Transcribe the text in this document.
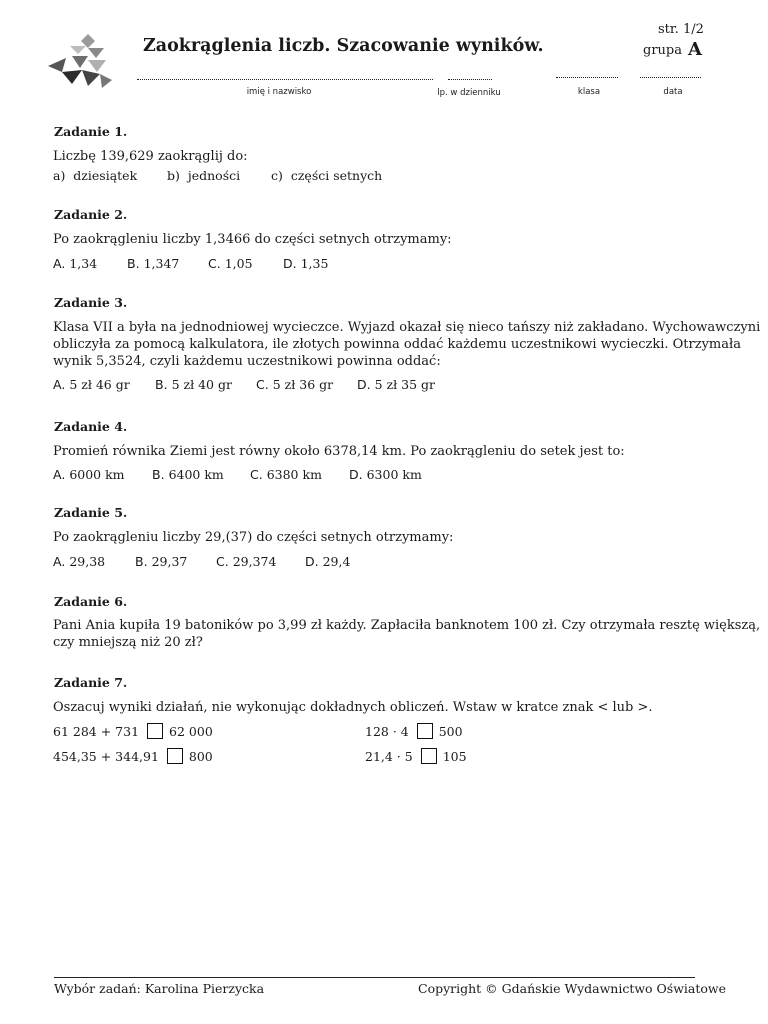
Zaokrąglenia liczb. Szacowanie wyników.
str. 1/2
grupa A
imię i nazwisko	lp. w dzienniku	klasa	data
Zadanie 1.
Liczbę 139,629 zaokrąglij do:
a) dziesiątek b) jedności c) części setnych
Zadanie 2.
Po zaokrągleniu liczby 1,3466 do części setnych otrzymamy:
A. 1,34 B. 1,347 C. 1,05 D. 1,35
Zadanie 3.
Klasa VII a była na jednodniowej wycieczce. Wyjazd okazał się nieco tańszy niż zakładano. Wychowawczyni
obliczyła za pomocą kalkulatora, ile złotych powinna oddać każdemu uczestnikowi wycieczki. Otrzymała
wynik 5,3524, czyli każdemu uczestnikowi powinna oddać:
A. 5 zł 46 gr B. 5 zł 40 gr C. 5 zł 36 gr D. 5 zł 35 gr
Zadanie 4.
Promień równika Ziemi jest równy około 6378,14 km. Po zaokrągleniu do setek jest to:
A. 6000 km B. 6400 km C. 6380 km D. 6300 km
Zadanie 5.
Po zaokrągleniu liczby 29,(37) do części setnych otrzymamy:
A. 29,38 B. 29,37 C. 29,374 D. 29,4
Zadanie 6.
Pani Ania kupiła 19 batoników po 3,99 zł każdy. Zapłaciła banknotem 100 zł. Czy otrzymała resztę większą,
czy mniejszą niż 20 zł?
Zadanie 7.
Oszacuj wyniki działań, nie wykonując dokładnych obliczeń. Wstaw w kratce znak < lub >.
61 284 + 731 62 000	128 · 4 500
454,35 + 344,91 800	21,4 · 5 105
Wybór zadań: Karolina Pierzycka	Copyright © Gdańskie Wydawnictwo Oświatowe
